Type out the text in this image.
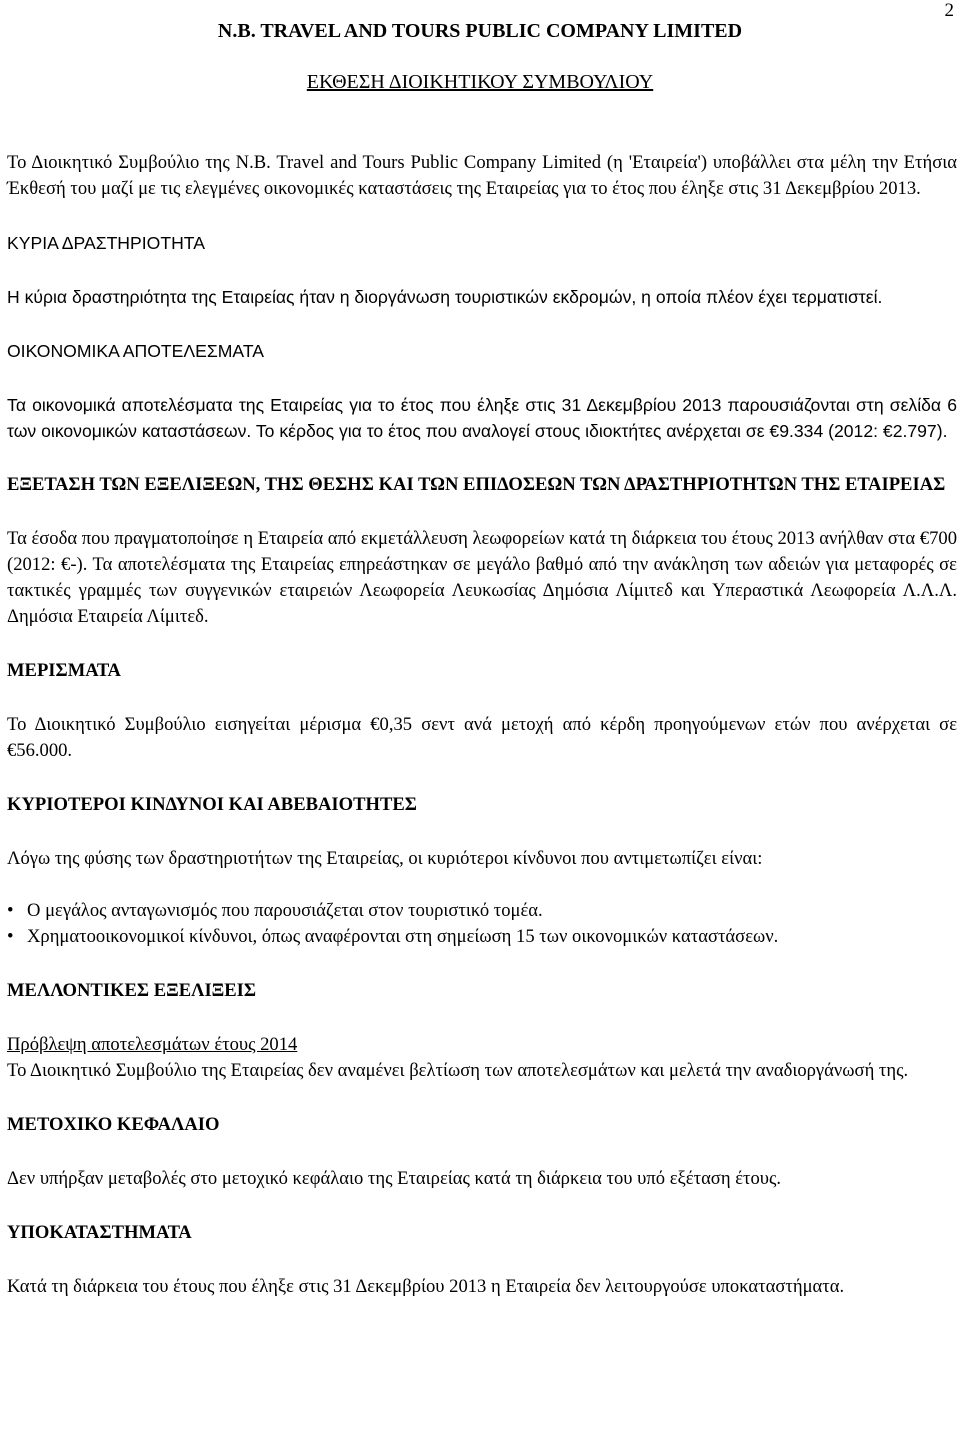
2
N.B. TRAVEL AND TOURS PUBLIC COMPANY LIMITED
ΕΚΘΕΣΗ ΔΙΟΙΚΗΤΙΚΟΥ ΣΥΜΒΟΥΛΙΟΥ

Το Διοικητικό Συμβούλιο της N.B. Travel and Tours Public Company Limited (η 'Εταιρεία') υποβάλλει στα μέλη την Ετήσια Έκθεσή του μαζί με τις ελεγμένες οικονομικές καταστάσεις της Εταιρείας για το έτος που έληξε στις 31 Δεκεμβρίου 2013.

ΚΥΡΙΑ ΔΡΑΣΤΗΡΙΟΤΗΤΑ

Η κύρια δραστηριότητα της Εταιρείας ήταν η διοργάνωση τουριστικών εκδρομών, η οποία πλέον έχει τερματιστεί.

ΟΙΚΟΝΟΜΙΚΑ ΑΠΟΤΕΛΕΣΜΑΤΑ

Τα οικονομικά αποτελέσματα της Εταιρείας για το έτος που έληξε στις 31 Δεκεμβρίου 2013 παρουσιάζονται στη σελίδα 6 των οικονομικών καταστάσεων. Το κέρδος για το έτος που αναλογεί στους ιδιοκτήτες ανέρχεται σε €9.334 (2012: €2.797).

ΕΞΕΤΑΣΗ ΤΩΝ ΕΞΕΛΙΞΕΩΝ, ΤΗΣ ΘΕΣΗΣ ΚΑΙ ΤΩΝ ΕΠΙΔΟΣΕΩΝ ΤΩΝ ΔΡΑΣΤΗΡΙΟΤΗΤΩΝ ΤΗΣ ΕΤΑΙΡΕΙΑΣ

Τα έσοδα που πραγματοποίησε η Εταιρεία από εκμετάλλευση λεωφορείων κατά τη διάρκεια του έτους 2013 ανήλθαν στα €700 (2012: €-). Τα αποτελέσματα της Εταιρείας επηρεάστηκαν σε μεγάλο βαθμό από την ανάκληση των αδειών για μεταφορές σε τακτικές γραμμές των συγγενικών εταιρειών Λεωφορεία Λευκωσίας Δημόσια Λίμιτεδ και Υπεραστικά Λεωφορεία Λ.Λ.Λ. Δημόσια Εταιρεία Λίμιτεδ.

ΜΕΡΙΣΜΑΤΑ

Το Διοικητικό Συμβούλιο εισηγείται μέρισμα €0,35 σεντ ανά μετοχή από κέρδη προηγούμενων ετών που ανέρχεται σε €56.000.

ΚΥΡΙΟΤΕΡΟΙ ΚΙΝΔΥΝΟΙ ΚΑΙ ΑΒΕΒΑΙΟΤΗΤΕΣ

Λόγω της φύσης των δραστηριοτήτων της Εταιρείας, οι κυριότεροι κίνδυνοι που αντιμετωπίζει είναι:

• Ο μεγάλος ανταγωνισμός που παρουσιάζεται στον τουριστικό τομέα.
• Χρηματοοικονομικοί κίνδυνοι, όπως αναφέρονται στη σημείωση 15 των οικονομικών καταστάσεων.
ΜΕΛΛΟΝΤΙΚΕΣ ΕΞΕΛΙΞΕΙΣ

Πρόβλεψη αποτελεσμάτων έτους 2014

Το Διοικητικό Συμβούλιο της Εταιρείας δεν αναμένει βελτίωση των αποτελεσμάτων και μελετά την αναδιοργάνωσή της.

ΜΕΤΟΧΙΚΟ ΚΕΦΑΛΑΙΟ

Δεν υπήρξαν μεταβολές στο μετοχικό κεφάλαιο της Εταιρείας κατά τη διάρκεια του υπό εξέταση έτους.

ΥΠΟΚΑΤΑΣΤΗΜΑΤΑ

Κατά τη διάρκεια του έτους που έληξε στις 31 Δεκεμβρίου 2013 η Εταιρεία δεν λειτουργούσε υποκαταστήματα.
